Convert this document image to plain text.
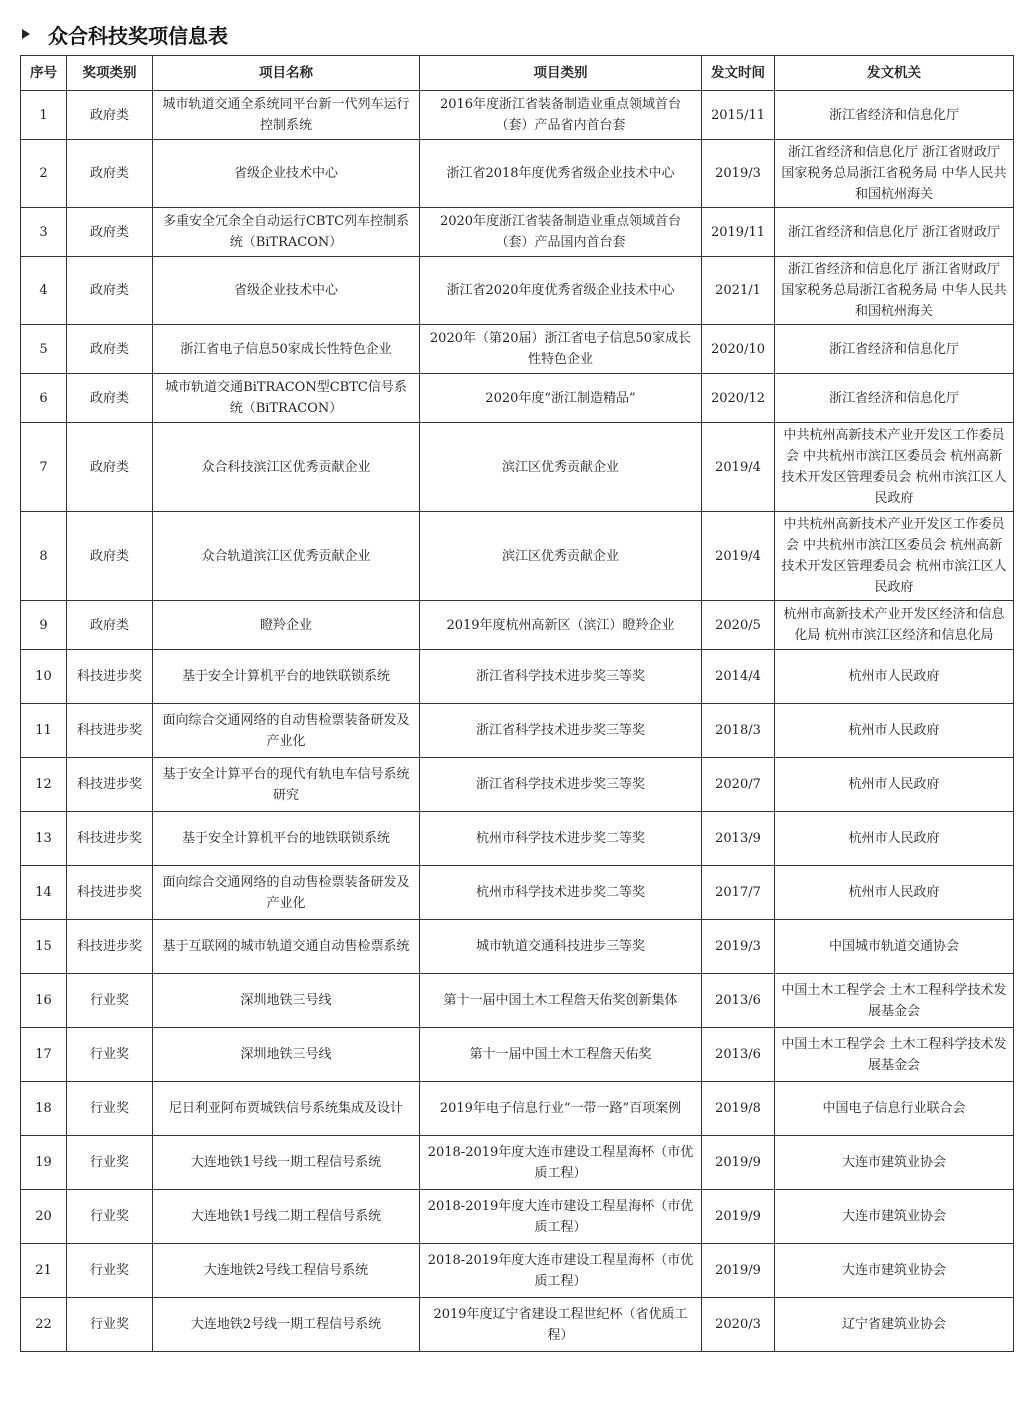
众合科技奖项信息表
序号	奖项类别	项目名称	项目类别	发文时间	发文机关
1	政府类	城市轨道交通全系统同平台新一代列车运行控制系统	2016年度浙江省装备制造业重点领域首台（套）产品省内首台套	2015/11	浙江省经济和信息化厅
2	政府类	省级企业技术中心	浙江省2018年度优秀省级企业技术中心	2019/3	浙江省经济和信息化厅 浙江省财政厅 国家税务总局浙江省税务局 中华人民共和国杭州海关
3	政府类	多重安全冗余全自动运行CBTC列车控制系统（BiTRACON）	2020年度浙江省装备制造业重点领域首台（套）产品国内首台套	2019/11	浙江省经济和信息化厅 浙江省财政厅
4	政府类	省级企业技术中心	浙江省2020年度优秀省级企业技术中心	2021/1	浙江省经济和信息化厅 浙江省财政厅 国家税务总局浙江省税务局 中华人民共和国杭州海关
5	政府类	浙江省电子信息50家成长性特色企业	2020年（第20届）浙江省电子信息50家成长性特色企业	2020/10	浙江省经济和信息化厅
6	政府类	城市轨道交通BiTRACON型CBTC信号系统（BiTRACON）	2020年度“浙江制造精品”	2020/12	浙江省经济和信息化厅
7	政府类	众合科技滨江区优秀贡献企业	滨江区优秀贡献企业	2019/4	中共杭州高新技术产业开发区工作委员会 中共杭州市滨江区委员会 杭州高新技术开发区管理委员会 杭州市滨江区人民政府
8	政府类	众合轨道滨江区优秀贡献企业	滨江区优秀贡献企业	2019/4	中共杭州高新技术产业开发区工作委员会 中共杭州市滨江区委员会 杭州高新技术开发区管理委员会 杭州市滨江区人民政府
9	政府类	瞪羚企业	2019年度杭州高新区（滨江）瞪羚企业	2020/5	杭州市高新技术产业开发区经济和信息化局 杭州市滨江区经济和信息化局
10	科技进步奖	基于安全计算机平台的地铁联锁系统	浙江省科学技术进步奖三等奖	2014/4	杭州市人民政府
11	科技进步奖	面向综合交通网络的自动售检票装备研发及产业化	浙江省科学技术进步奖三等奖	2018/3	杭州市人民政府
12	科技进步奖	基于安全计算平台的现代有轨电车信号系统研究	浙江省科学技术进步奖三等奖	2020/7	杭州市人民政府
13	科技进步奖	基于安全计算机平台的地铁联锁系统	杭州市科学技术进步奖二等奖	2013/9	杭州市人民政府
14	科技进步奖	面向综合交通网络的自动售检票装备研发及产业化	杭州市科学技术进步奖二等奖	2017/7	杭州市人民政府
15	科技进步奖	基于互联网的城市轨道交通自动售检票系统	城市轨道交通科技进步三等奖	2019/3	中国城市轨道交通协会
16	行业奖	深圳地铁三号线	第十一届中国土木工程詹天佑奖创新集体	2013/6	中国土木工程学会 土木工程科学技术发展基金会
17	行业奖	深圳地铁三号线	第十一届中国土木工程詹天佑奖	2013/6	中国土木工程学会 土木工程科学技术发展基金会
18	行业奖	尼日利亚阿布贾城铁信号系统集成及设计	2019年电子信息行业“一带一路”百项案例	2019/8	中国电子信息行业联合会
19	行业奖	大连地铁1号线一期工程信号系统	2018-2019年度大连市建设工程星海杯（市优质工程）	2019/9	大连市建筑业协会
20	行业奖	大连地铁1号线二期工程信号系统	2018-2019年度大连市建设工程星海杯（市优质工程）	2019/9	大连市建筑业协会
21	行业奖	大连地铁2号线工程信号系统	2018-2019年度大连市建设工程星海杯（市优质工程）	2019/9	大连市建筑业协会
22	行业奖	大连地铁2号线一期工程信号系统	2019年度辽宁省建设工程世纪杯（省优质工程）	2020/3	辽宁省建筑业协会
